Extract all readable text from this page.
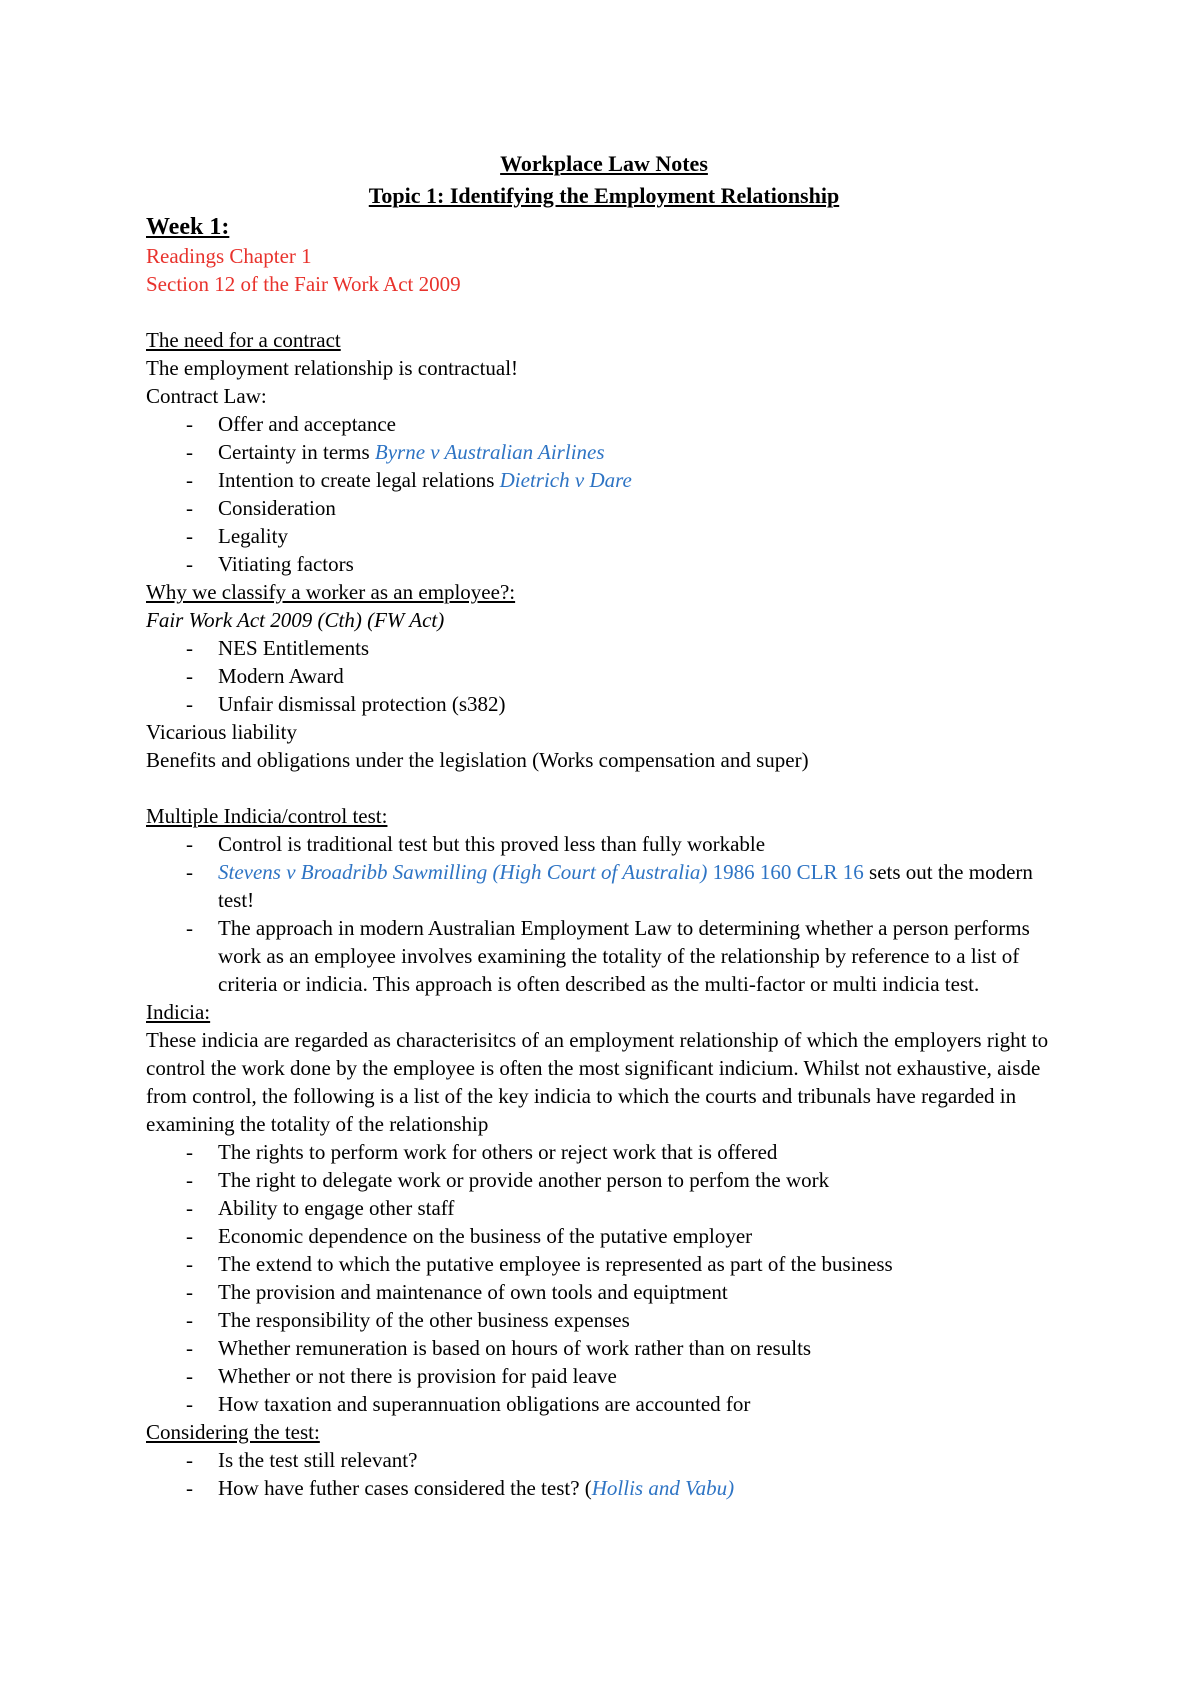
Workplace Law Notes
Topic 1: Identifying the Employment Relationship
Week 1:
Readings Chapter 1
Section 12 of the Fair Work Act 2009
The need for a contract
The employment relationship is contractual!
Contract Law:
- Offer and acceptance
- Certainty in terms Byrne v Australian Airlines
- Intention to create legal relations Dietrich v Dare
- Consideration
- Legality
- Vitiating factors
Why we classify a worker as an employee?:
Fair Work Act 2009 (Cth) (FW Act)
- NES Entitlements
- Modern Award
- Unfair dismissal protection (s382)
Vicarious liability
Benefits and obligations under the legislation (Works compensation and super)
Multiple Indicia/control test:
- Control is traditional test but this proved less than fully workable
- Stevens v Broadribb Sawmilling (High Court of Australia) 1986 160 CLR 16 sets out the modern test!
- The approach in modern Australian Employment Law to determining whether a person performs work as an employee involves examining the totality of the relationship by reference to a list of criteria or indicia. This approach is often described as the multi-factor or multi indicia test.
Indicia:
These indicia are regarded as characterisitcs of an employment relationship of which the employers right to control the work done by the employee is often the most significant indicium. Whilst not exhaustive, aisde from control, the following is a list of the key indicia to which the courts and tribunals have regarded in examining the totality of the relationship
- The rights to perform work for others or reject work that is offered
- The right to delegate work or provide another person to perfom the work
- Ability to engage other staff
- Economic dependence on the business of the putative employer
- The extend to which the putative employee is represented as part of the business
- The provision and maintenance of own tools and equiptment
- The responsibility of the other business expenses
- Whether remuneration is based on hours of work rather than on results
- Whether or not there is provision for paid leave
- How taxation and superannuation obligations are accounted for
Considering the test:
- Is the test still relevant?
- How have futher cases considered the test? (Hollis and Vabu)
